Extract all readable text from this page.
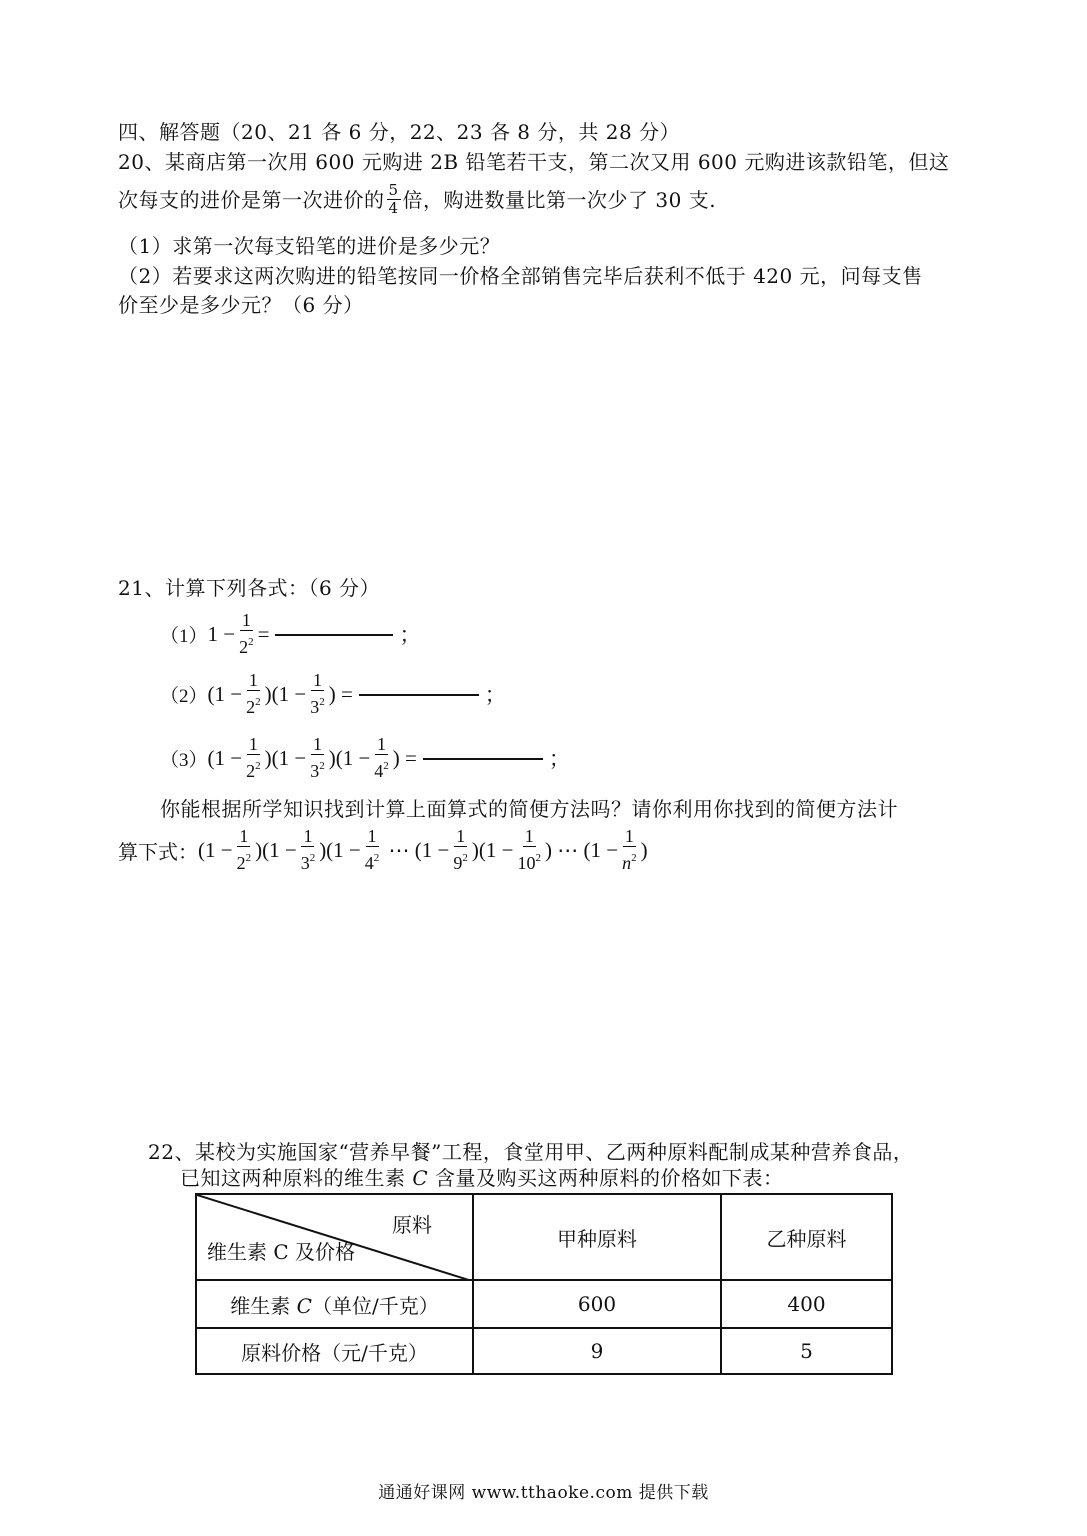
四、解答题（20、21 各 6 分，22、23 各 8 分，共 28 分）
20、某商店第一次用 600 元购进 2B 铅笔若干支，第二次又用 600 元购进该款铅笔，但这
次每支的进价是第一次进价的 $\frac{5}{4}$ 倍，购进数量比第一次少了 30 支.
（1）求第一次每支铅笔的进价是多少元？
（2）若要求这两次购进的铅笔按同一价格全部销售完毕后获利不低于 420 元，问每支售
价至少是多少元？（6 分）
21、计算下列各式：（6 分）
（1） $1 - \frac{1}{2^2}$ =	；
（2） $(1 - \frac{1}{2^2} )(1 - \frac{1}{3^2}$ ) =	；
（3） $(1 - \frac{1}{2^2} )(1 - \frac{1}{3^2} )(1 - \frac{1}{4^2}$ ) =	；
你能根据所学知识找到计算上面算式的简便方法吗？请你利用你找到的简便方法计
算下式： $(1 - \frac{1}{2^2} )(1 - \frac{1}{3^2} )(1 - \frac{1}{4^2}$ ⋯ $(1 - \frac{1}{9^2} )(1 - \frac{1}{10^2}$ ) ⋯ ($1 - \frac{1}{n^2}$ )
22、某校为实施国家“营养早餐”工程，食堂用甲、乙两种原料配制成某种营养食品，
已知这两种原料的维生素 C 含量及购买这两种原料的价格如下表：
原料
维生素 C 及价格	甲种原料	乙种原料
维生素 C（单位/千克）	600	400
原料价格（元/千克）	9	5
通通好课网 www.tthaoke.com 提供下载
